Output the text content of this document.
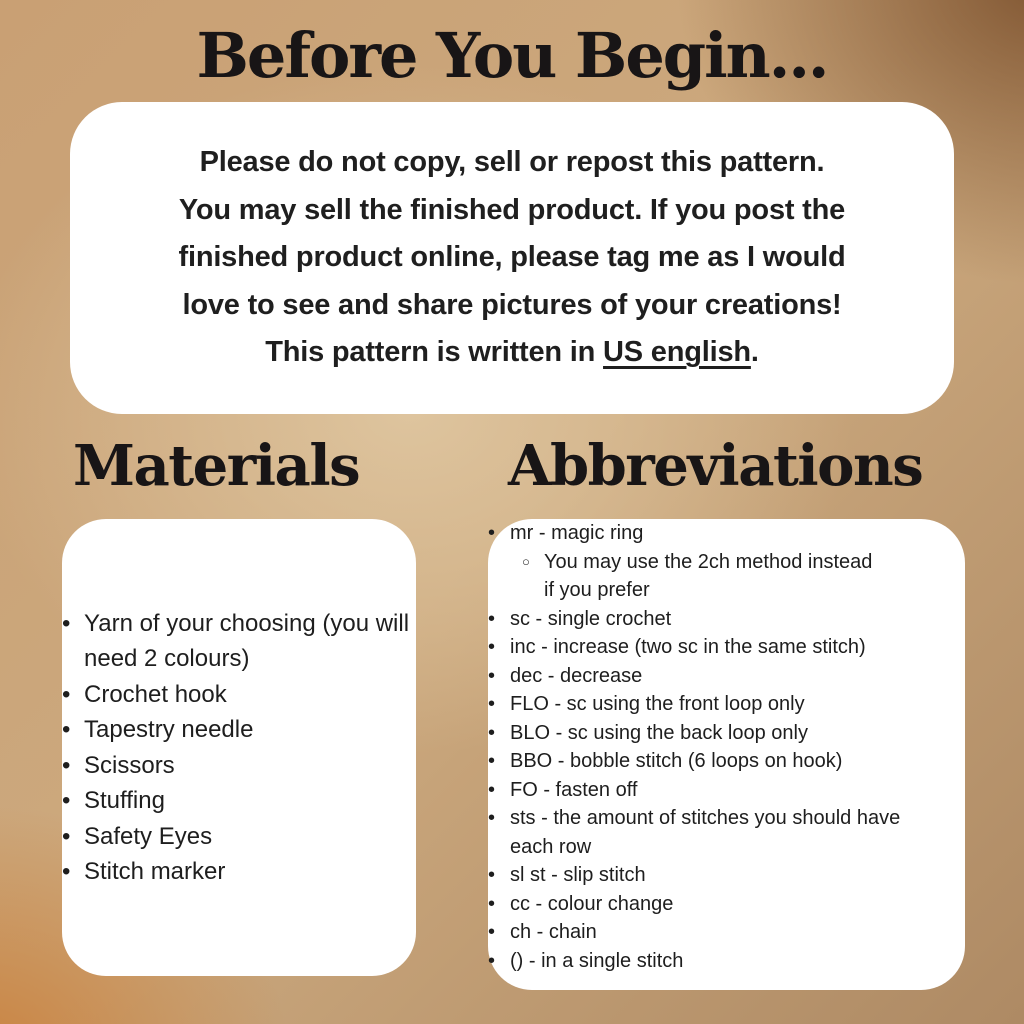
Before You Begin...
Please do not copy, sell or repost this pattern.
You may sell the finished product. If you post the
finished product online, please tag me as I would
love to see and share pictures of your creations!
This pattern is written in US english.
Materials	Abbreviations
•
Yarn of your choosing (you will need 2 colours)
•
Crochet hook
•
Tapestry needle
•
Scissors
•
Stuffing
•
Safety Eyes
•
Stitch marker
•
mr - magic ring
○
You may use the 2ch method instead if you prefer
•
sc - single crochet
•
inc - increase (two sc in the same stitch)
•
dec - decrease
•
FLO - sc using the front loop only
•
BLO - sc using the back loop only
•
BBO - bobble stitch (6 loops on hook)
•
FO - fasten off
•
sts - the amount of stitches you should have each row
•
sl st - slip stitch
•
cc - colour change
•
ch - chain
•
() - in a single stitch
